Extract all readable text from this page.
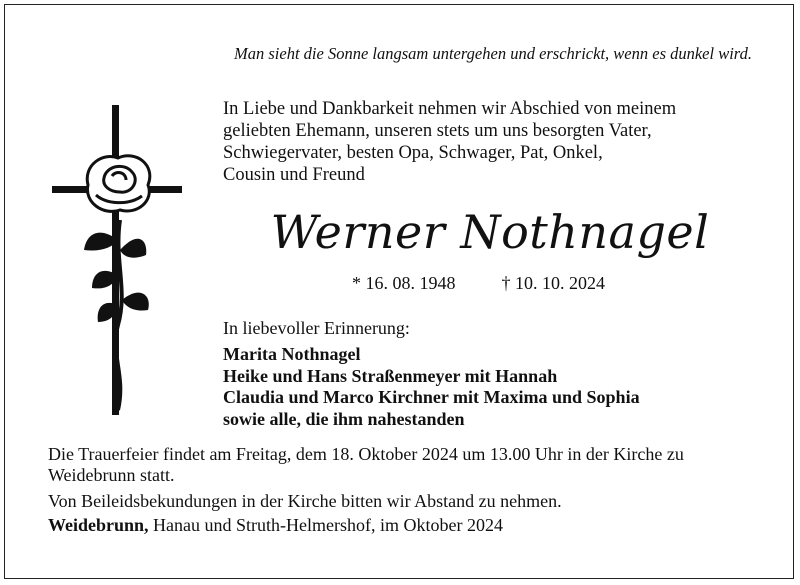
Man sieht die Sonne langsam untergehen und erschrickt, wenn es dunkel wird.
In Liebe und Dankbarkeit nehmen wir Abschied von meinem
geliebten Ehemann, unseren stets um uns besorgten Vater,
Schwiegervater, besten Opa, Schwager, Pat, Onkel,
Cousin und Freund
Werner Nothnagel
* 16. 08. 1948	† 10. 10. 2024
In liebevoller Erinnerung:
Marita Nothnagel
Heike und Hans Straßenmeyer mit Hannah
Claudia und Marco Kirchner mit Maxima und Sophia
sowie alle, die ihm nahestanden
Die Trauerfeier findet am Freitag, dem 18. Oktober 2024 um 13.00 Uhr in der Kirche zu
Weidebrunn statt.
Von Beileidsbekundungen in der Kirche bitten wir Abstand zu nehmen.
Weidebrunn, Hanau und Struth-Helmershof, im Oktober 2024
